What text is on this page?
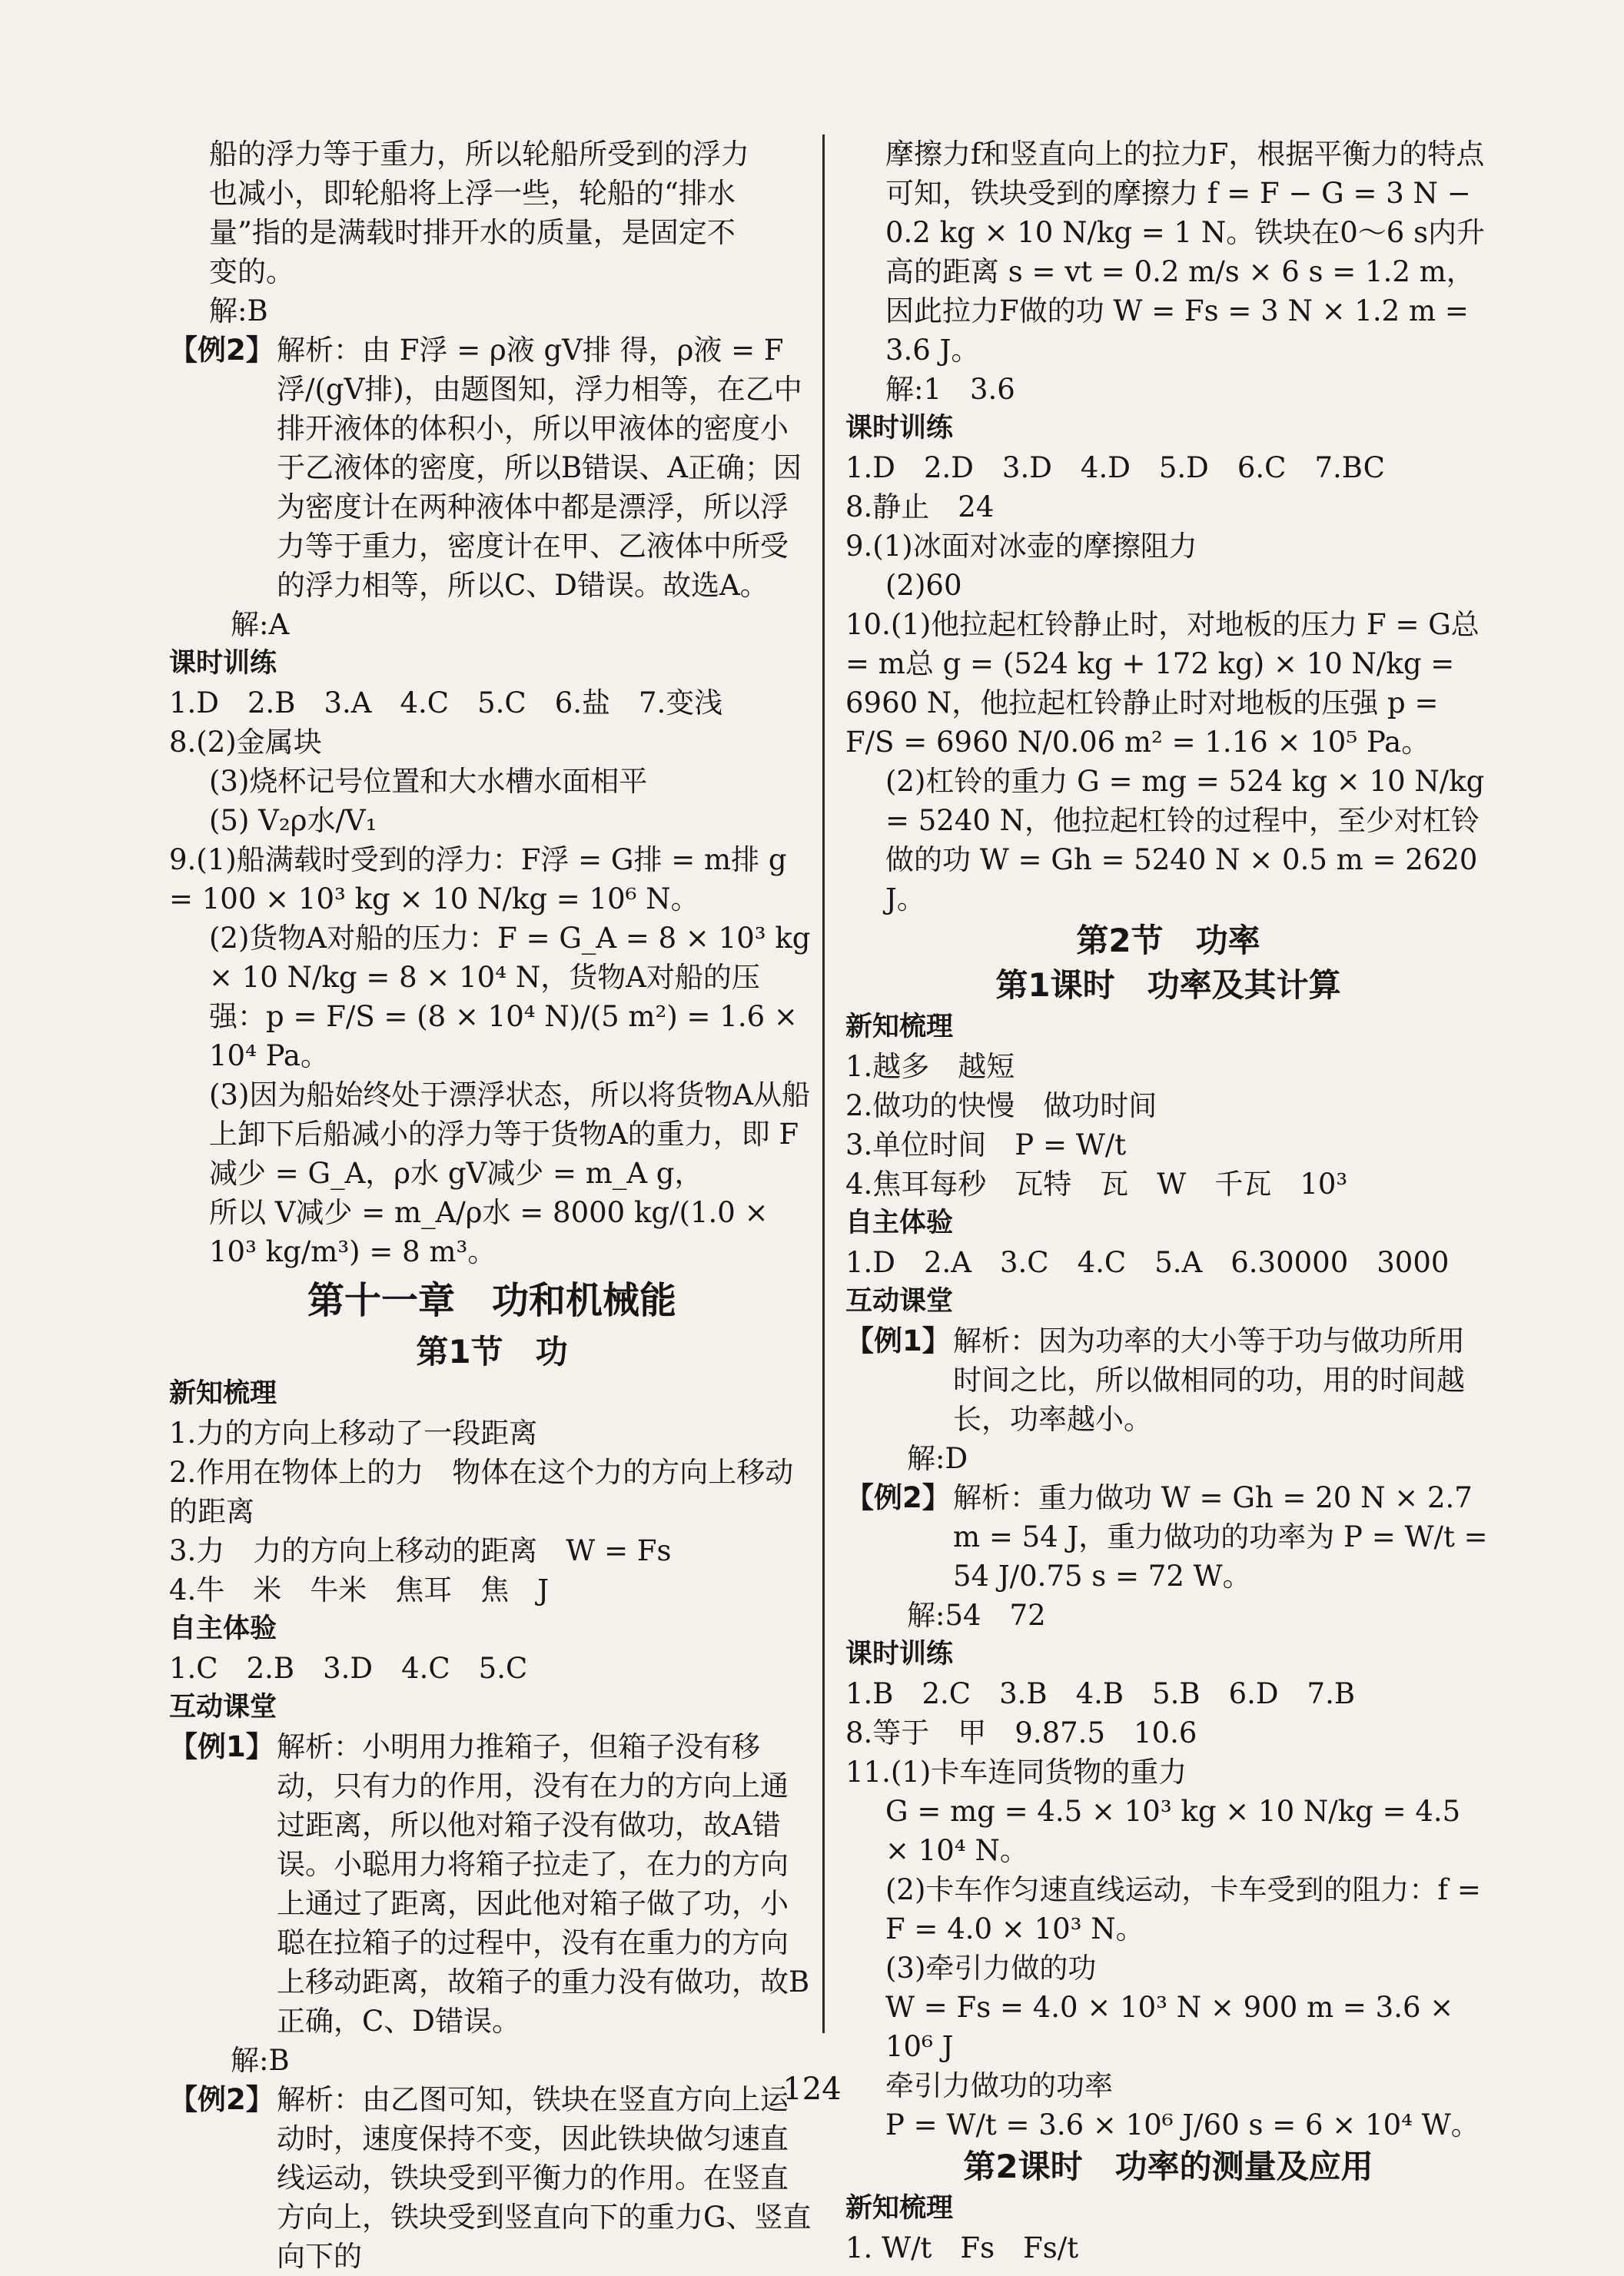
船的浮力等于重力，所以轮船所受到的浮力
也减小，即轮船将上浮一些，轮船的“排水
量”指的是满载时排开水的质量，是固定不
变的。
解:B
【例2】 解析：由 F浮 = ρ液 gV排 得，ρ液 = F浮/(gV排)，由题图知，浮力相等，在乙中排开液体的体积小，所以甲液体的密度小于乙液体的密度，所以B错误、A正确；因为密度计在两种液体中都是漂浮，所以浮力等于重力，密度计在甲、乙液体中所受的浮力相等，所以C、D错误。故选A。
解:A
课时训练
1.D　2.B　3.A　4.C　5.C　6.盐　7.变浅
8.(2)金属块
(3)烧杯记号位置和大水槽水面相平
(5) V₂ρ水/V₁
9.(1)船满载时受到的浮力：F浮 = G排 = m排 g = 100 × 10³ kg × 10 N/kg = 10⁶ N。
(2)货物A对船的压力：F = G_A = 8 × 10³ kg × 10 N/kg = 8 × 10⁴ N，货物A对船的压强：p = F/S = (8 × 10⁴ N)/(5 m²) = 1.6 × 10⁴ Pa。
(3)因为船始终处于漂浮状态，所以将货物A从船上卸下后船减小的浮力等于货物A的重力，即 F减少 = G_A，ρ水 gV减少 = m_A g，
所以 V减少 = m_A/ρ水 = 8000 kg/(1.0 × 10³ kg/m³) = 8 m³。
第十一章　功和机械能
第1节　功
新知梳理
1.力的方向上移动了一段距离
2.作用在物体上的力　物体在这个力的方向上移动的距离
3.力　力的方向上移动的距离　W = Fs
4.牛　米　牛米　焦耳　焦　J
自主体验
1.C　2.B　3.D　4.C　5.C
互动课堂
【例1】 解析：小明用力推箱子，但箱子没有移动，只有力的作用，没有在力的方向上通过距离，所以他对箱子没有做功，故A错误。小聪用力将箱子拉走了，在力的方向上通过了距离，因此他对箱子做了功，小聪在拉箱子的过程中，没有在重力的方向上移动距离，故箱子的重力没有做功，故B正确，C、D错误。
解:B
【例2】 解析：由乙图可知，铁块在竖直方向上运动时，速度保持不变，因此铁块做匀速直线运动，铁块受到平衡力的作用。在竖直方向上，铁块受到竖直向下的重力G、竖直向下的
摩擦力f和竖直向上的拉力F，根据平衡力的特点可知，铁块受到的摩擦力 f = F − G = 3 N − 0.2 kg × 10 N/kg = 1 N。铁块在0～6 s内升高的距离 s = vt = 0.2 m/s × 6 s = 1.2 m，因此拉力F做的功 W = Fs = 3 N × 1.2 m = 3.6 J。
解:1　3.6
课时训练
1.D　2.D　3.D　4.D　5.D　6.C　7.BC
8.静止　24
9.(1)冰面对冰壶的摩擦阻力
(2)60
10.(1)他拉起杠铃静止时，对地板的压力 F = G总 = m总 g = (524 kg + 172 kg) × 10 N/kg = 6960 N，他拉起杠铃静止时对地板的压强 p = F/S = 6960 N/0.06 m² = 1.16 × 10⁵ Pa。
(2)杠铃的重力 G = mg = 524 kg × 10 N/kg = 5240 N，他拉起杠铃的过程中，至少对杠铃做的功 W = Gh = 5240 N × 0.5 m = 2620 J。
第2节　功率
第1课时　功率及其计算
新知梳理
1.越多　越短
2.做功的快慢　做功时间
3.单位时间　P = W/t
4.焦耳每秒　瓦特　瓦　W　千瓦　10³
自主体验
1.D　2.A　3.C　4.C　5.A　6.30000　3000
互动课堂
【例1】 解析：因为功率的大小等于功与做功所用时间之比，所以做相同的功，用的时间越长，功率越小。
解:D
【例2】 解析：重力做功 W = Gh = 20 N × 2.7 m = 54 J，重力做功的功率为 P = W/t = 54 J/0.75 s = 72 W。
解:54　72
课时训练
1.B　2.C　3.B　4.B　5.B　6.D　7.B
8.等于　甲　9.87.5　10.6
11.(1)卡车连同货物的重力
G = mg = 4.5 × 10³ kg × 10 N/kg = 4.5 × 10⁴ N。
(2)卡车作匀速直线运动，卡车受到的阻力：f = F = 4.0 × 10³ N。
(3)牵引力做的功
W = Fs = 4.0 × 10³ N × 900 m = 3.6 × 10⁶ J
牵引力做功的功率
P = W/t = 3.6 × 10⁶ J/60 s = 6 × 10⁴ W。
第2课时　功率的测量及应用
新知梳理
1. W/t　Fs　Fs/t
124
